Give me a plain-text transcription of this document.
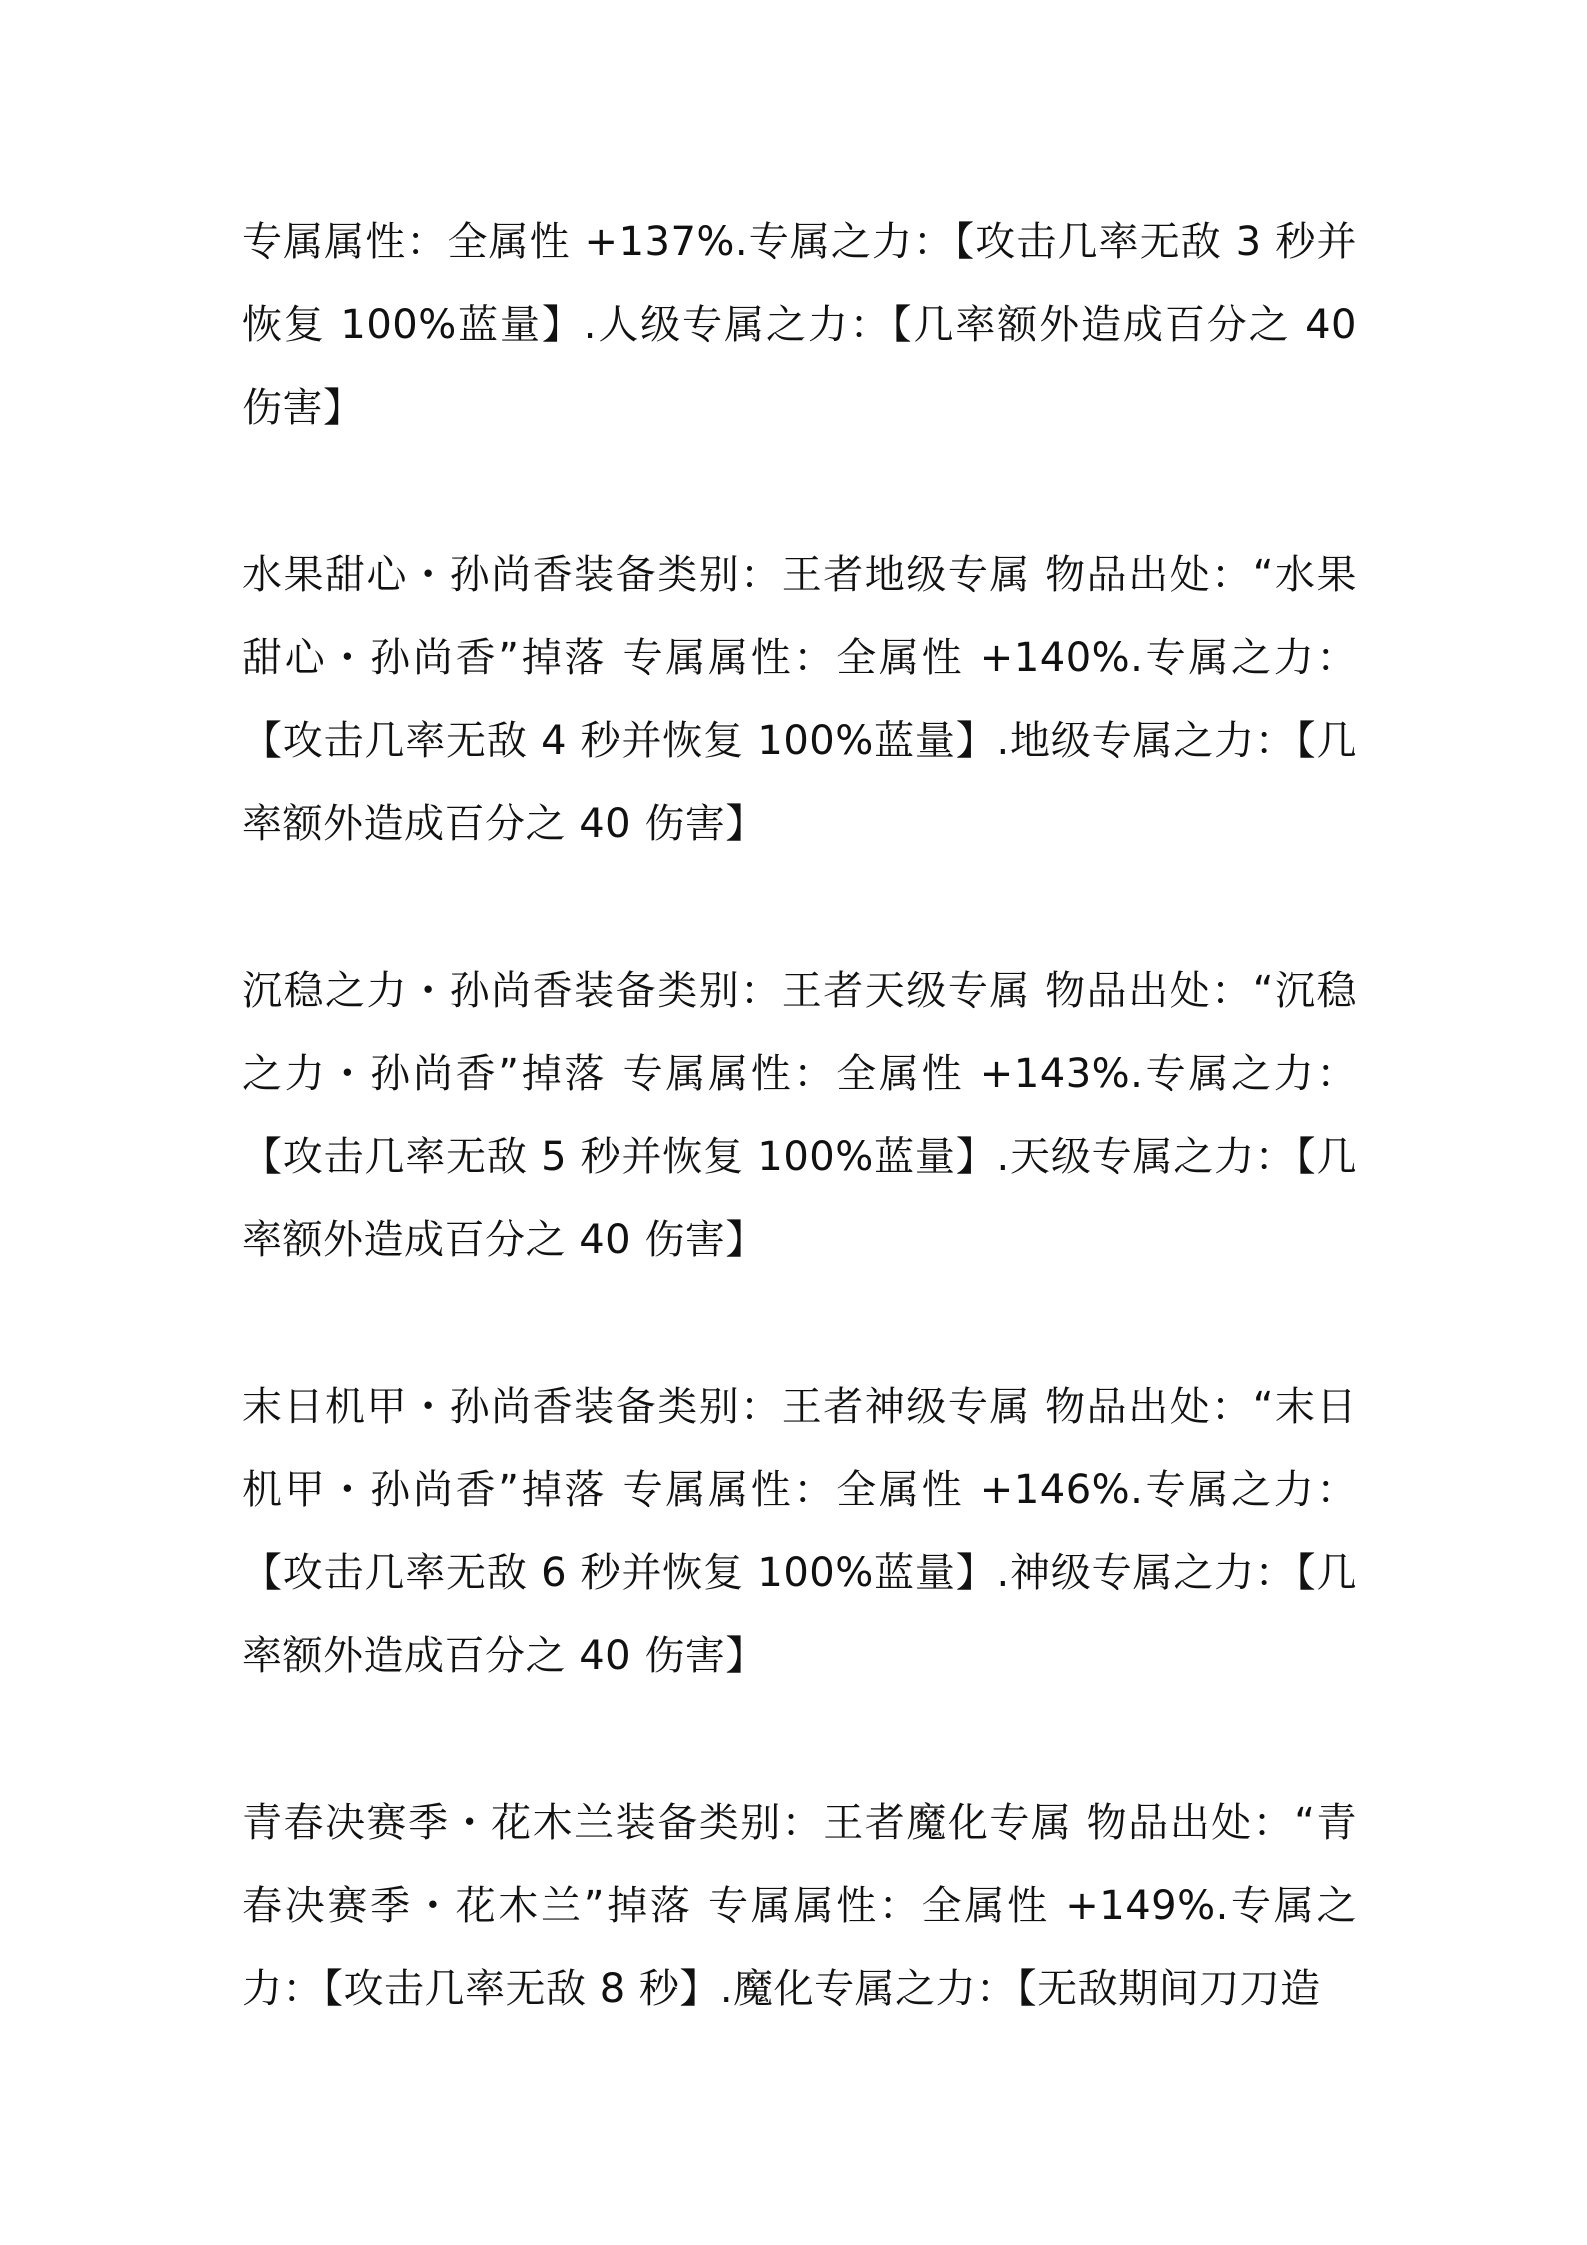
专属属性：全属性 +137%.专属之力：【攻击几率无敌 3 秒并恢复 100%蓝量】.人级专属之力：【几率额外造成百分之 40 伤害】

水果甜心・孙尚香装备类别：王者地级专属 物品出处：“水果甜心・孙尚香”掉落 专属属性：全属性 +140%.专属之力：【攻击几率无敌 4 秒并恢复 100%蓝量】.地级专属之力：【几率额外造成百分之 40 伤害】

沉稳之力・孙尚香装备类别：王者天级专属 物品出处：“沉稳之力・孙尚香”掉落 专属属性：全属性 +143%.专属之力：【攻击几率无敌 5 秒并恢复 100%蓝量】.天级专属之力：【几率额外造成百分之 40 伤害】

末日机甲・孙尚香装备类别：王者神级专属 物品出处：“末日机甲・孙尚香”掉落 专属属性：全属性 +146%.专属之力：【攻击几率无敌 6 秒并恢复 100%蓝量】.神级专属之力：【几率额外造成百分之 40 伤害】

青春决赛季・花木兰装备类别：王者魔化专属 物品出处：“青春决赛季・花木兰”掉落 专属属性：全属性 +149%.专属之力：【攻击几率无敌 8 秒】.魔化专属之力：【无敌期间刀刀造
